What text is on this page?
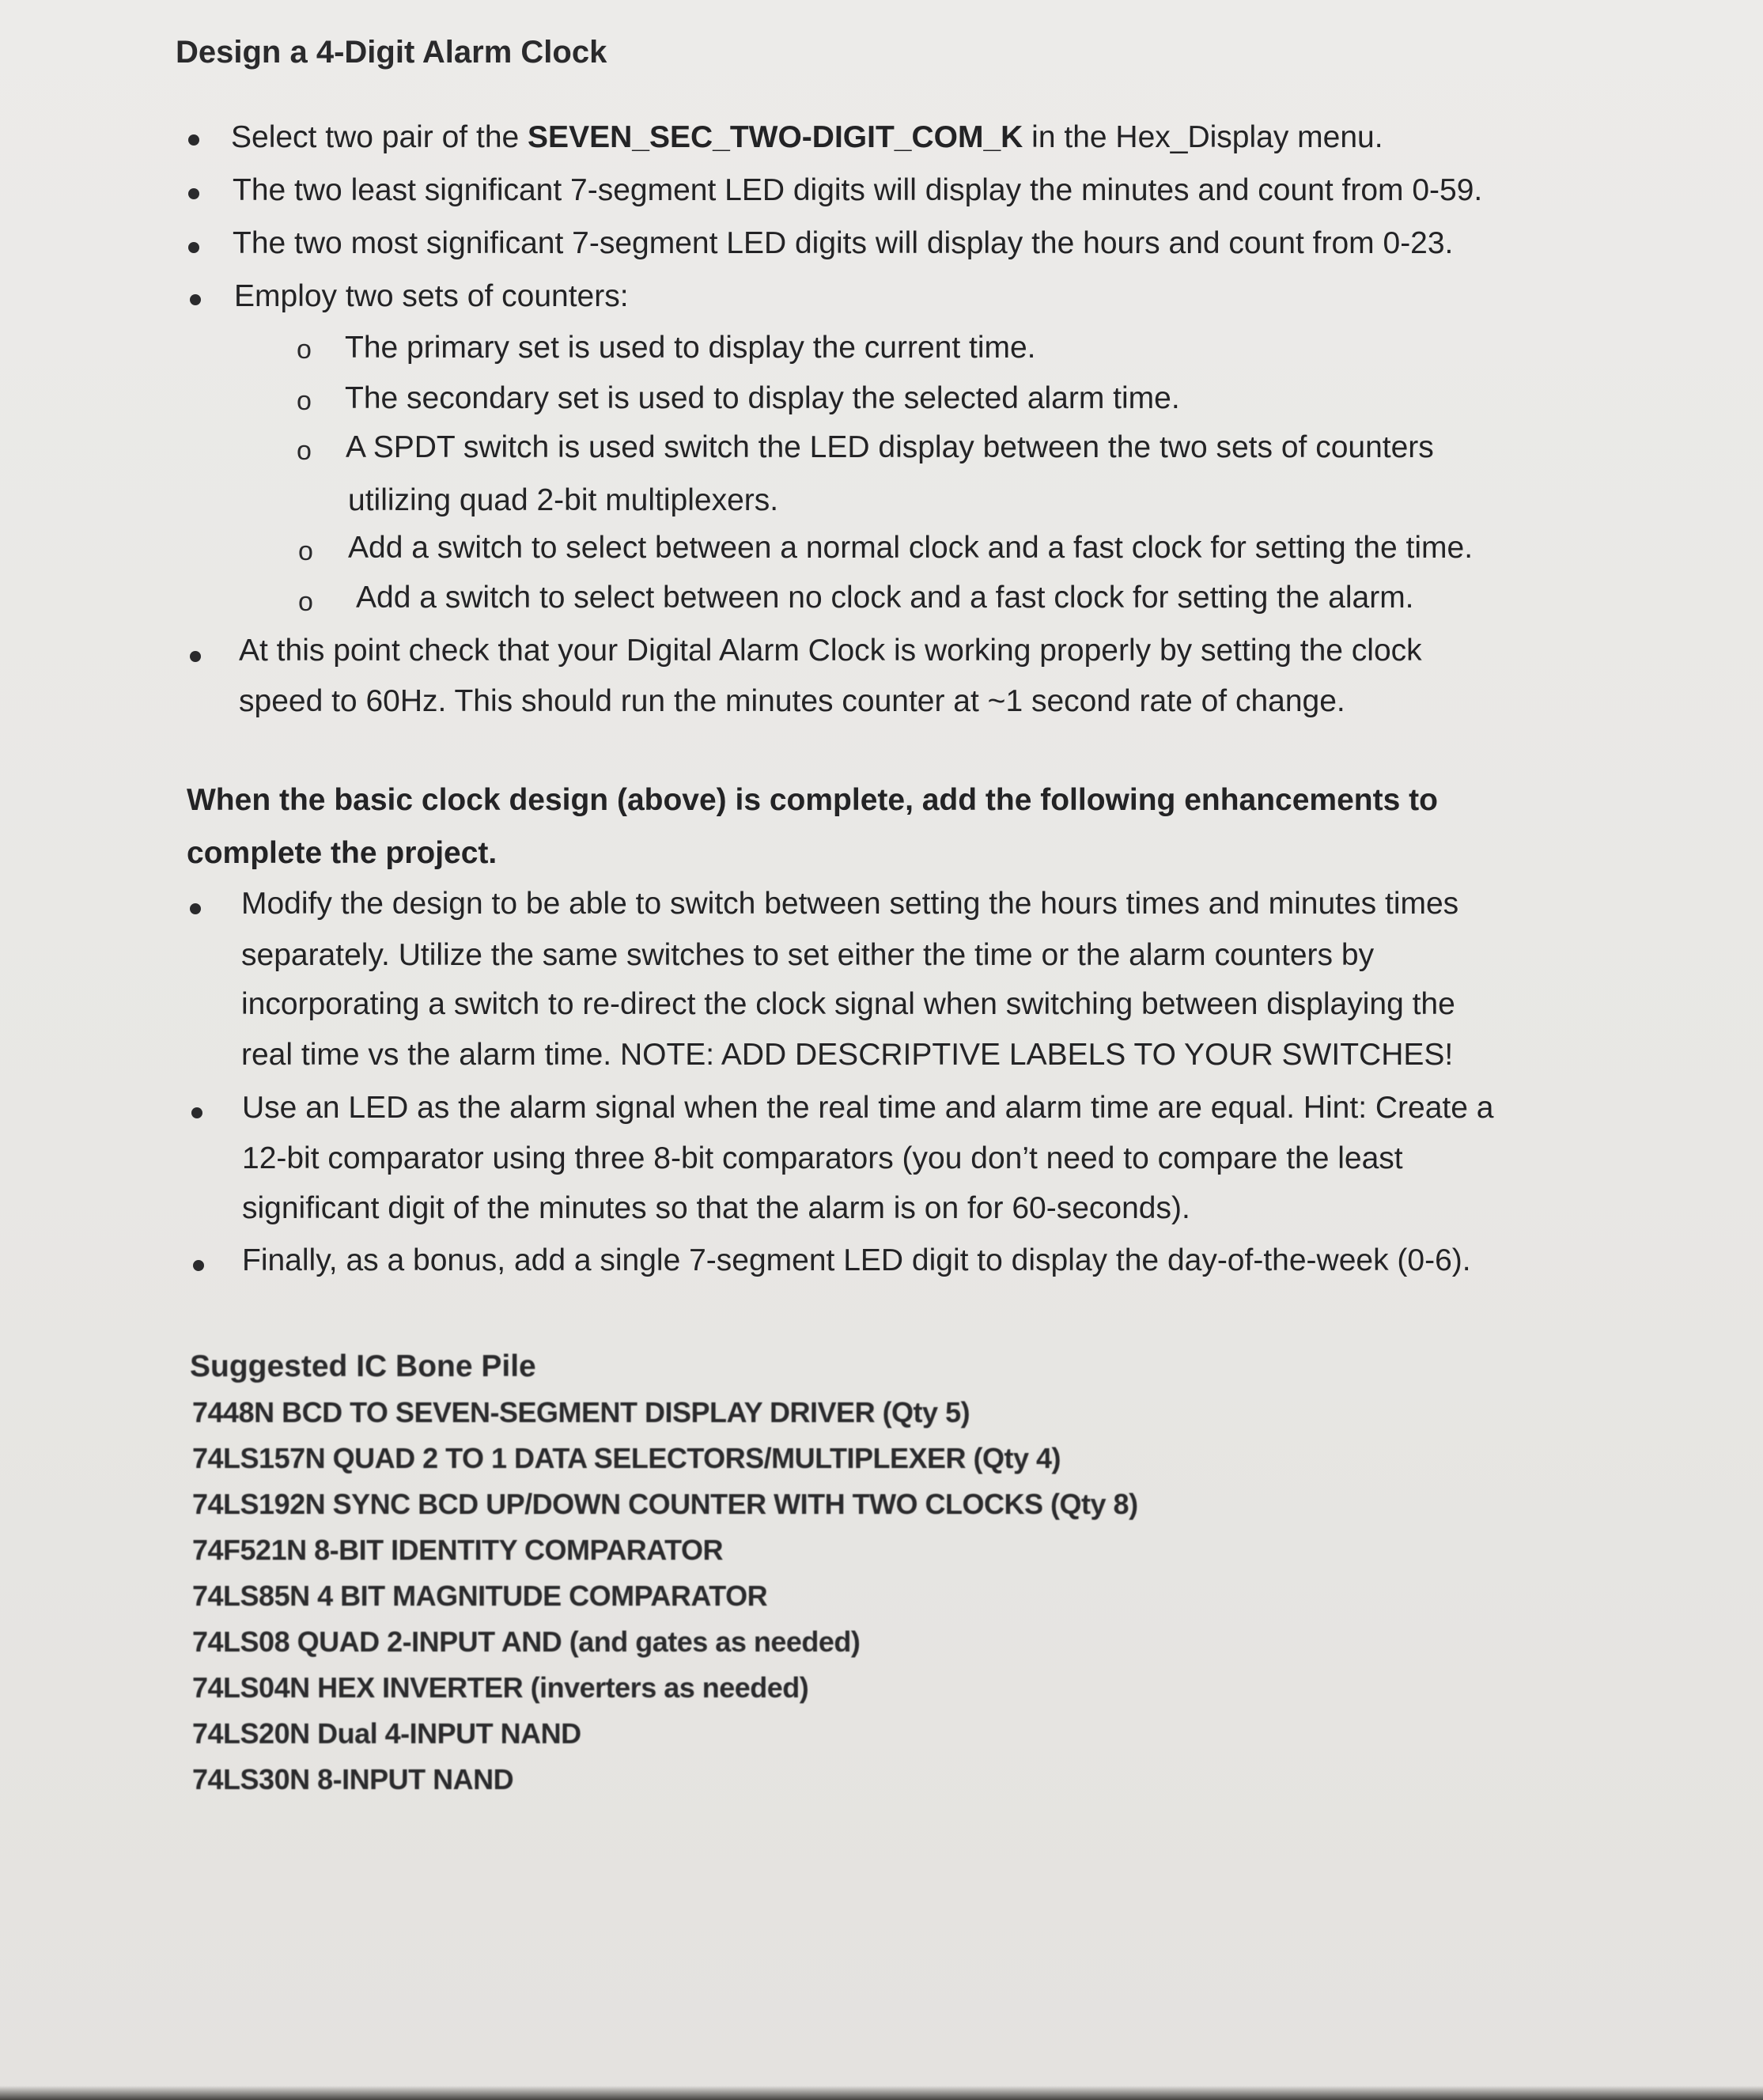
Design a 4-Digit Alarm Clock
Select two pair of the SEVEN_SEC_TWO-DIGIT_COM_K in the Hex_Display menu.
The two least significant 7-segment LED digits will display the minutes and count from 0-59.
The two most significant 7-segment LED digits will display the hours and count from 0-23.
Employ two sets of counters:
o The primary set is used to display the current time.
o The secondary set is used to display the selected alarm time.
o A SPDT switch is used switch the LED display between the two sets of counters
utilizing quad 2-bit multiplexers.
o Add a switch to select between a normal clock and a fast clock for setting the time.
o Add a switch to select between no clock and a fast clock for setting the alarm.
At this point check that your Digital Alarm Clock is working properly by setting the clock
speed to 60Hz. This should run the minutes counter at ~1 second rate of change.
When the basic clock design (above) is complete, add the following enhancements to
complete the project.
Modify the design to be able to switch between setting the hours times and minutes times
separately. Utilize the same switches to set either the time or the alarm counters by
incorporating a switch to re-direct the clock signal when switching between displaying the
real time vs the alarm time. NOTE: ADD DESCRIPTIVE LABELS TO YOUR SWITCHES!
Use an LED as the alarm signal when the real time and alarm time are equal. Hint: Create a
12-bit comparator using three 8-bit comparators (you don’t need to compare the least
significant digit of the minutes so that the alarm is on for 60-seconds).
Finally, as a bonus, add a single 7-segment LED digit to display the day-of-the-week (0-6).
Suggested IC Bone Pile
7448N BCD TO SEVEN-SEGMENT DISPLAY DRIVER (Qty 5)
74LS157N QUAD 2 TO 1 DATA SELECTORS/MULTIPLEXER (Qty 4)
74LS192N SYNC BCD UP/DOWN COUNTER WITH TWO CLOCKS (Qty 8)
74F521N 8-BIT IDENTITY COMPARATOR
74LS85N 4 BIT MAGNITUDE COMPARATOR
74LS08 QUAD 2-INPUT AND (and gates as needed)
74LS04N HEX INVERTER (inverters as needed)
74LS20N Dual 4-INPUT NAND
74LS30N 8-INPUT NAND
